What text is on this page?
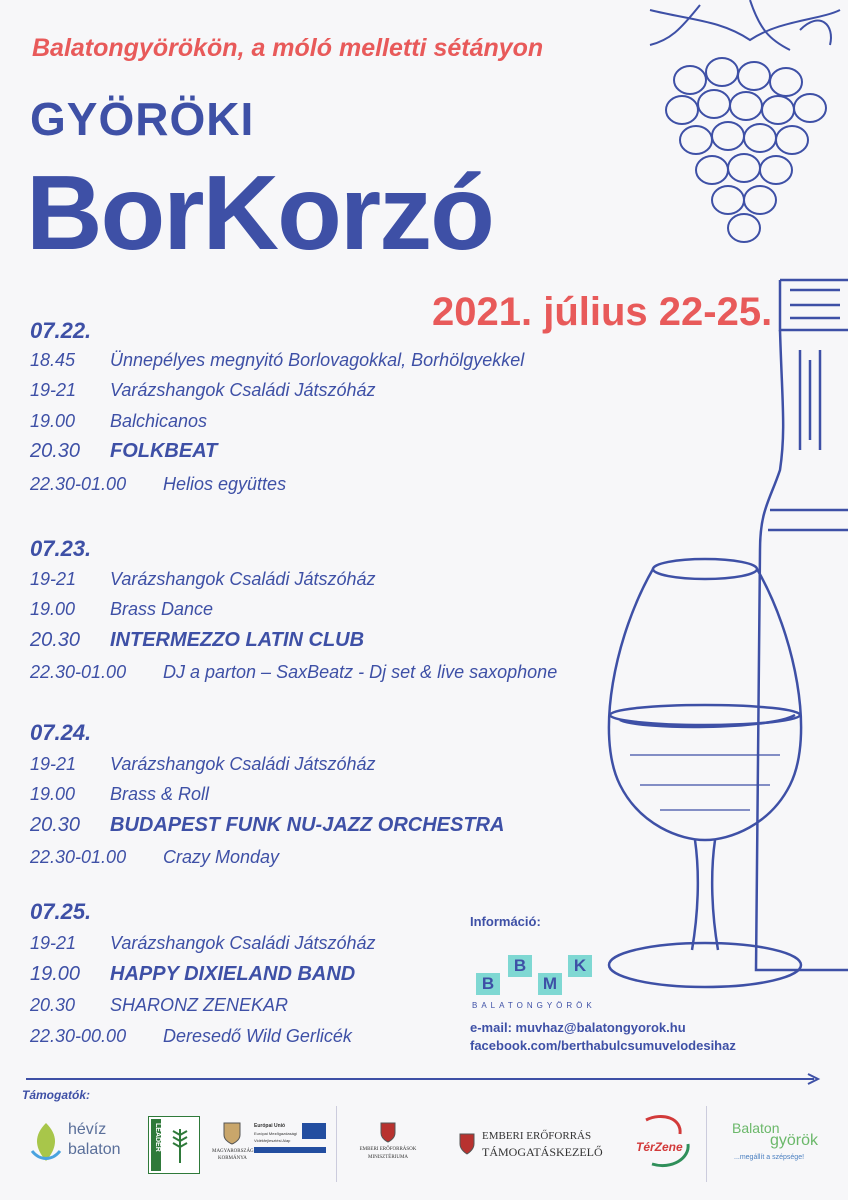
Balatongyörökön, a móló melletti sétányon
GYÖRÖKI
BorKorzó
2021. július 22-25.
07.22.
18.45 Ünnepélyes megnyitó Borlovagokkal, Borhölgyekkel
19-21 Varázshangok Családi Játszóház
19.00 Balchicanos
20.30 FOLKBEAT
22.30-01.00 Helios együttes
07.23.
19-21 Varázshangok Családi Játszóház
19.00 Brass Dance
20.30 INTERMEZZO LATIN CLUB
22.30-01.00 DJ a parton – SaxBeatz - Dj set & live saxophone
07.24.
19-21 Varázshangok Családi Játszóház
19.00 Brass & Roll
20.30 BUDAPEST FUNK NU-JAZZ ORCHESTRA
22.30-01.00 Crazy Monday
07.25.
19-21 Varázshangok Családi Játszóház
19.00 HAPPY DIXIELAND BAND
20.30 SHARONZ ZENEKAR
22.30-00.00 Deresedő Wild Gerlicék
Információ:
B
B
M
K
BALATONGYÖRÖK
e-mail: muvhaz@balatongyorok.hu
facebook.com/berthabulcsumuvelodesihaz
Támogatók:
hévíz
balaton	LEADER	MAGYARORSZÁG
KORMÁNYA
Európai Unió
Európai Mezőgazdasági
Vidékfejlesztési Alap
EMBERI ERŐFORRÁSOK
MINISZTÉRIUMA
EMBERI ERŐFORRÁS
TÁMOGATÁSKEZELŐ	TérZene
Balaton
györök
...megállít a szépsége!
